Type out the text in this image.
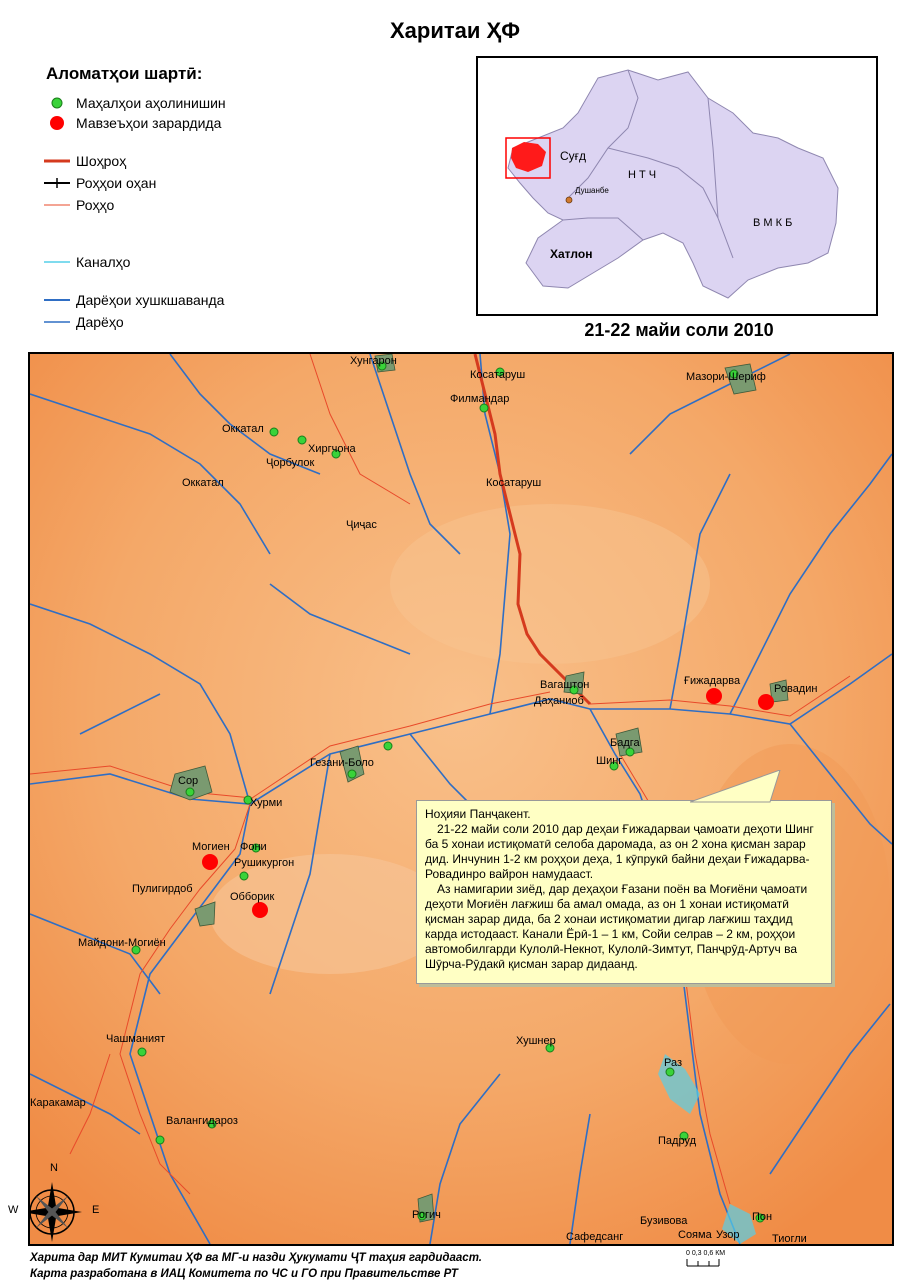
Харитаи ҲФ
Аломатҳои шартӣ:
Маҳалҳои аҳолинишин
Мавзеъҳои зарардида
Шоҳроҳ
Роҳҳои оҳан
Роҳҳо
Каналҳо
Дарёҳои хушкшаванда
Дарёҳо
Суғд
Н Т Ч
Душанбе
В М К Б
Хатлон
21-22 майи соли 2010
Хунгарон
Косатаруш
Филмандар
Мазори-Шериф
Оккатал
Хиргчона
Ҷорбулок
Оккатал	Косатаруш
Ҷиҷас
Вагаштон
Даҳаниоб
Ғижадарва
Ровадин
Бадга
Шинг
Гезани-Боло
Сор
Хурми
Могиен Фони
Рушикургон
Пулигирдоб
Обборик
Майдони-Могиён
Чашманият
Каракамар
Валангидароз
Хушнер
Раз
Падруд
Рогич
Сафедсанг
Бузивова
Сояма Узор
Пон
Тиогли
N
W	E

Ноҳияи Панҷакент.

21-22 майи соли 2010 дар деҳаи Ғижадарваи ҷамоати деҳоти Шинг ба 5 хонаи истиқоматӣ селоба даромада, аз он 2 хона қисман зарар дид. Инчунин 1-2 км роҳҳои деҳа, 1 кӯпрукӣ байни деҳаи Ғижадарва-Ровадинро вайрон намудааст.

Аз намигарии зиёд, дар деҳаҳои Ғазани поён ва Моғиёни ҷамоати деҳоти Моғиён лағжиш ба амал омада, аз он 1 хонаи истиқоматӣ қисман зарар дида, ба 2 хонаи истиқоматии дигар лағжиш таҳдид карда истодааст. Канали Ёрӣ-1 – 1 км, Сойи селрав – 2 км, роҳҳои автомобилгарди Кулолӣ-Некнот, Кулолӣ-Зимтут, Панҷрӯд-Артуч ва Шӯрча-Рӯдакӣ қисман зарар дидаанд.

Харита дар МИТ Кумитаи ҲФ ва МГ-и назди Ҳукумати ҶТ таҳия гардидааст.
Карта разработана в ИАЦ Комитета по ЧС и ГО при Правительстве РТ
0 0,3 0,6 КМ
